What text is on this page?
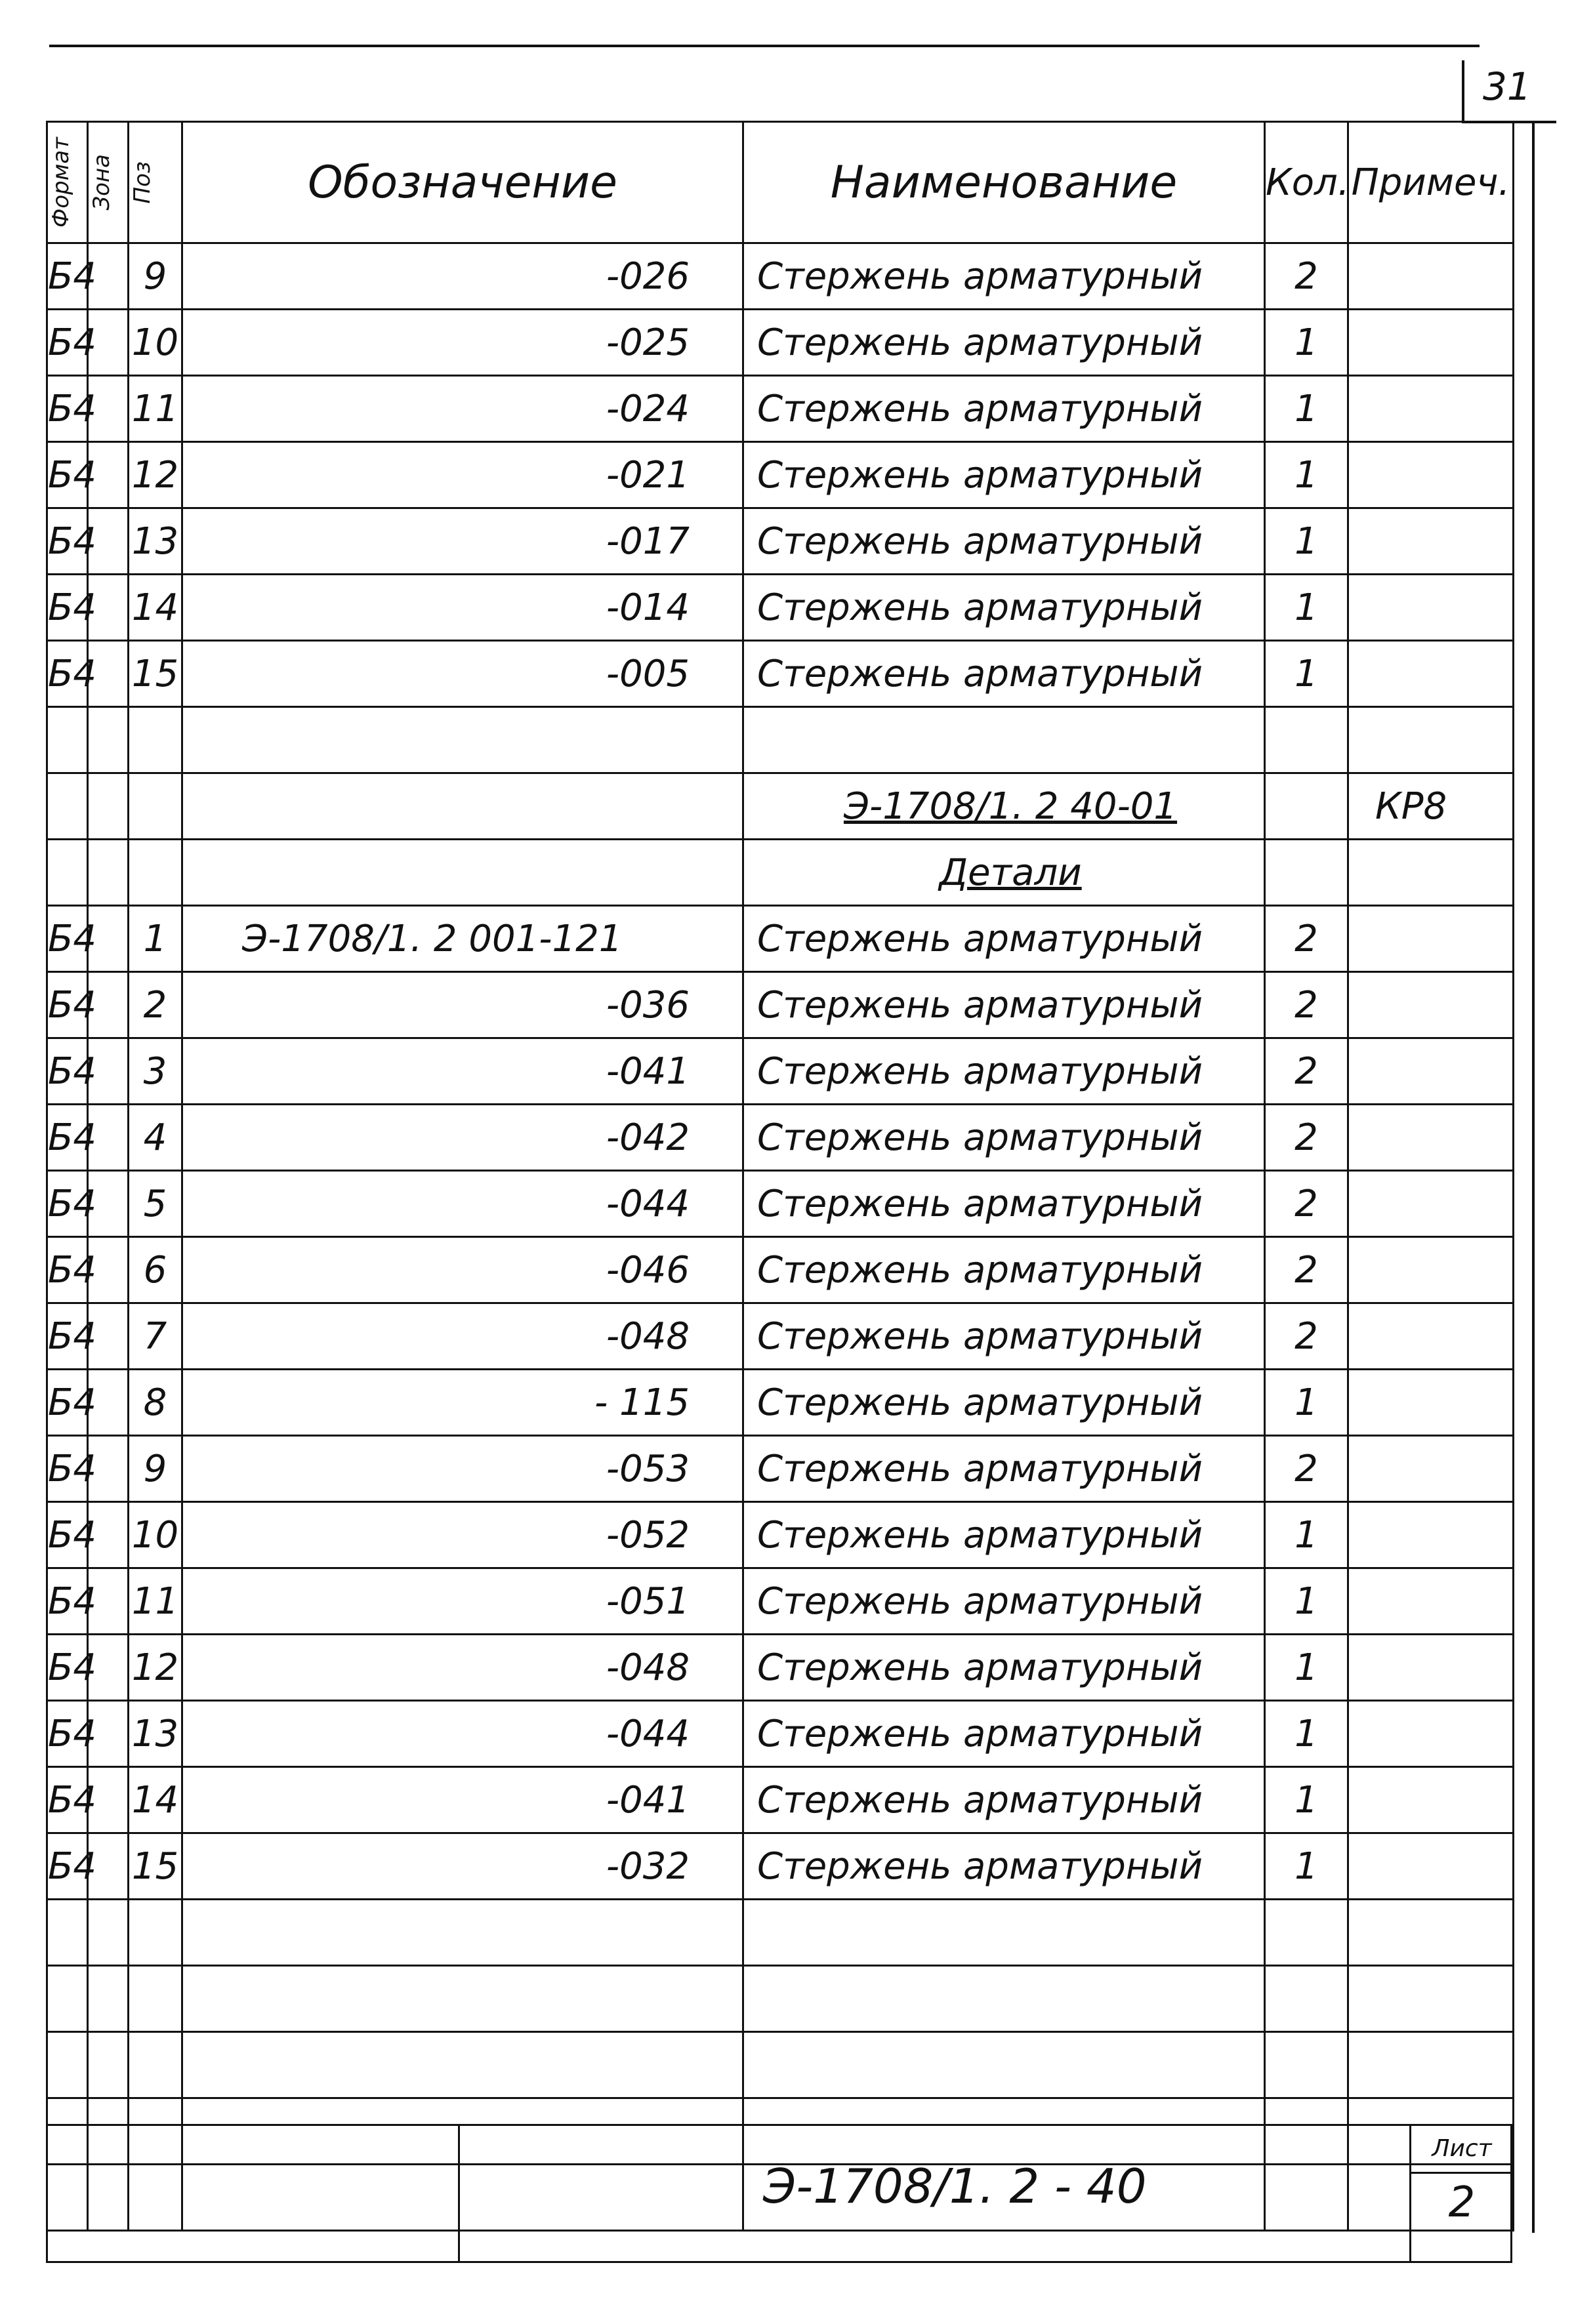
31
Формат	Зона	Поз	Обозначение	Наименование	Кол.	Примеч.
Б4		9	-026	Стержень арматурный	2	
Б4		10	-025	Стержень арматурный	1	
Б4		11	-024	Стержень арматурный	1	
Б4		12	-021	Стержень арматурный	1	
Б4		13	-017	Стержень арматурный	1	
Б4		14	-014	Стержень арматурный	1	
Б4		15	-005	Стержень арматурный	1	

				Э-1708/1. 2 40-01		КР8
				Детали		
Б4		1	Э-1708/1. 2 001-121	Стержень арматурный	2	
Б4		2	-036	Стержень арматурный	2	
Б4		3	-041	Стержень арматурный	2	
Б4		4	-042	Стержень арматурный	2	
Б4		5	-044	Стержень арматурный	2	
Б4		6	-046	Стержень арматурный	2	
Б4		7	-048	Стержень арматурный	2	
Б4		8	- 115	Стержень арматурный	1	
Б4		9	-053	Стержень арматурный	2	
Б4		10	-052	Стержень арматурный	1	
Б4		11	-051	Стержень арматурный	1	
Б4		12	-048	Стержень арматурный	1	
Б4		13	-044	Стержень арматурный	1	
Б4		14	-041	Стержень арматурный	1	
Б4		15	-032	Стержень арматурный	1	

Э-1708/1. 2 - 40
Лист
2
